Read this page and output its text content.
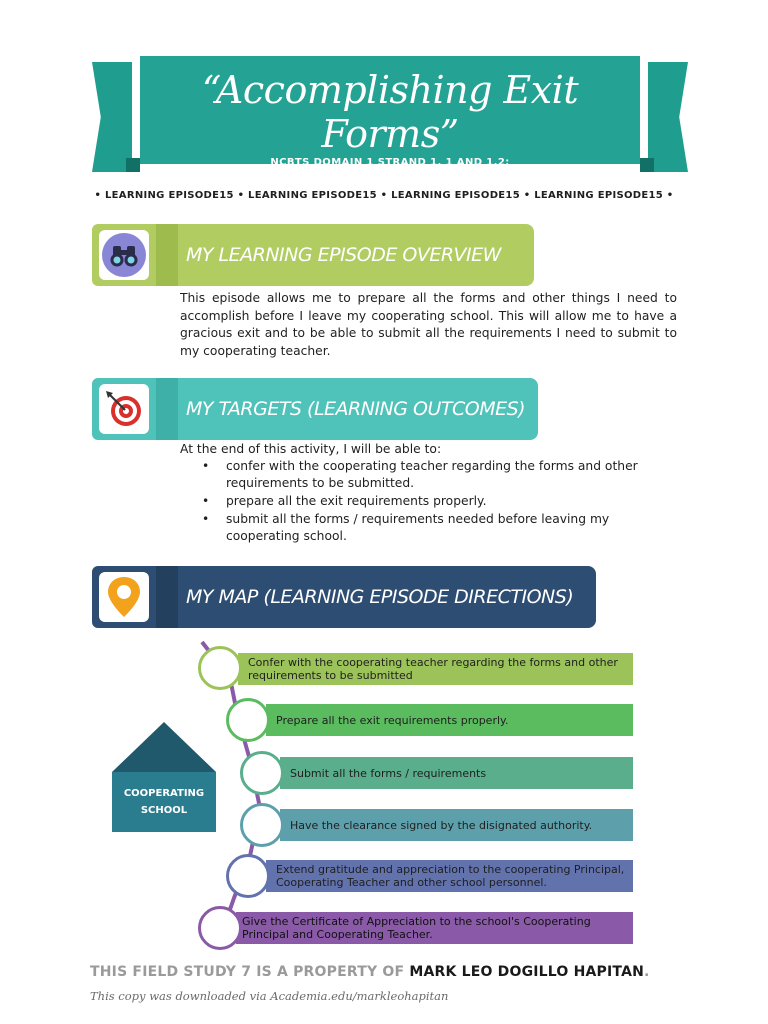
“Accomplishing Exit Forms”
NCBTS DOMAIN 1 STRAND 1. 1 AND 1.2:
LET-TOS No. 1 (1.1 – 1.7)
• LEARNING EPISODE15 • LEARNING EPISODE15 • LEARNING EPISODE15 • LEARNING EPISODE15 •
MY LEARNING EPISODE OVERVIEW
This episode allows me to prepare all the forms and other things I need to accomplish before I leave my cooperating school. This will allow me to have a gracious exit and to be able to submit all the requirements I need to submit to my cooperating teacher.
MY TARGETS (LEARNING OUTCOMES)
At the end of this activity, I will be able to:
• confer with the cooperating teacher regarding the forms and other requirements to be submitted.
• prepare all the exit requirements properly.
• submit all the forms / requirements needed before leaving my cooperating school.
MY MAP (LEARNING EPISODE DIRECTIONS)
Confer with the cooperating teacher regarding the forms and other requirements to be submitted
Prepare all the exit requirements properly.
Submit all the forms / requirements
Have the clearance signed by the disignated authority.
Extend gratitude and appreciation to the cooperating Principal, Cooperating Teacher and other school personnel.
Give the Certificate of Appreciation to the school's Cooperating Principal and Cooperating Teacher.
COOPERATING
SCHOOL
THIS FIELD STUDY 7 IS A PROPERTY OF MARK LEO DOGILLO HAPITAN.
This copy was downloaded via Academia.edu/markleohapitan
